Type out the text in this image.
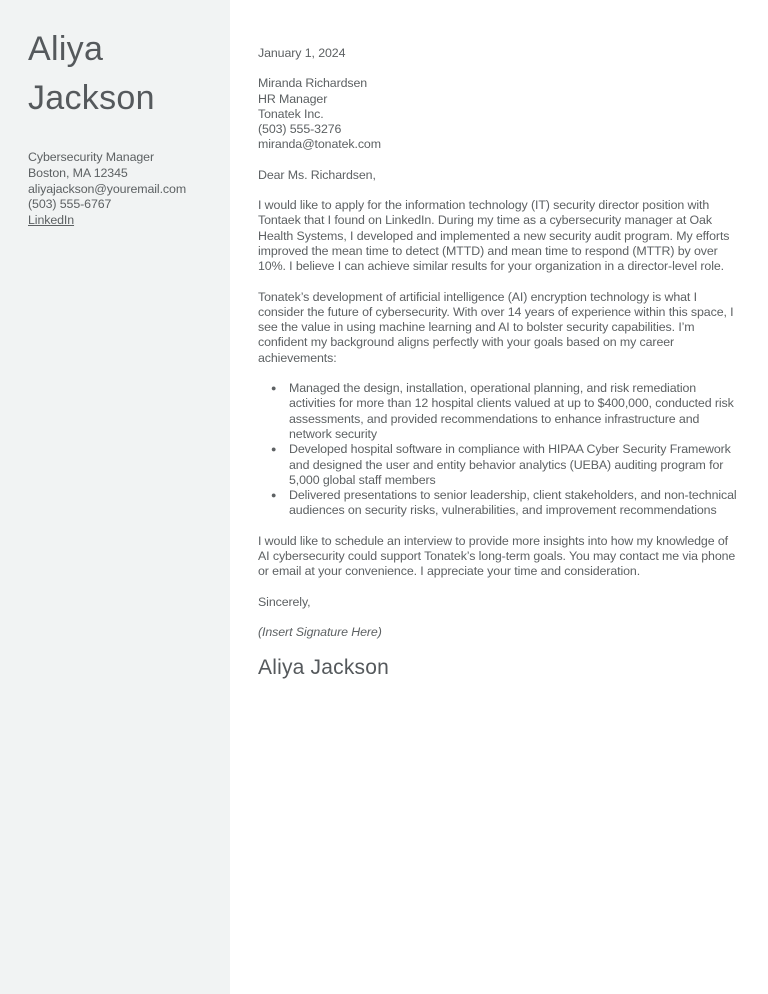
Aliya
Jackson
Cybersecurity Manager
Boston, MA 12345
aliyajackson@youremail.com
(503) 555-6767
LinkedIn
January 1, 2024
Miranda Richardsen
HR Manager
Tonatek Inc.
(503) 555-3276
miranda@tonatek.com
Dear Ms. Richardsen,

I would like to apply for the information technology (IT) security director position with Tontaek that I found on LinkedIn. During my time as a cybersecurity manager at Oak Health Systems, I developed and implemented a new security audit program. My efforts improved the mean time to detect (MTTD) and mean time to respond (MTTR) by over 10%. I believe I can achieve similar results for your organization in a director-level role.

Tonatek’s development of artificial intelligence (AI) encryption technology is what I consider the future of cybersecurity. With over 14 years of experience within this space, I see the value in using machine learning and AI to bolster security capabilities. I’m confident my background aligns perfectly with your goals based on my career achievements:

●	Managed the design, installation, operational planning, and risk remediation activities for more than 12 hospital clients valued at up to $400,000, conducted risk assessments, and provided recommendations to enhance infrastructure and network security
●	Developed hospital software in compliance with HIPAA Cyber Security Framework and designed the user and entity behavior analytics (UEBA) auditing program for 5,000 global staff members
●	Delivered presentations to senior leadership, client stakeholders, and non-technical audiences on security risks, vulnerabilities, and improvement recommendations

I would like to schedule an interview to provide more insights into how my knowledge of AI cybersecurity could support Tonatek’s long-term goals. You may contact me via phone or email at your convenience. I appreciate your time and consideration.

Sincerely,
(Insert Signature Here)
Aliya Jackson
